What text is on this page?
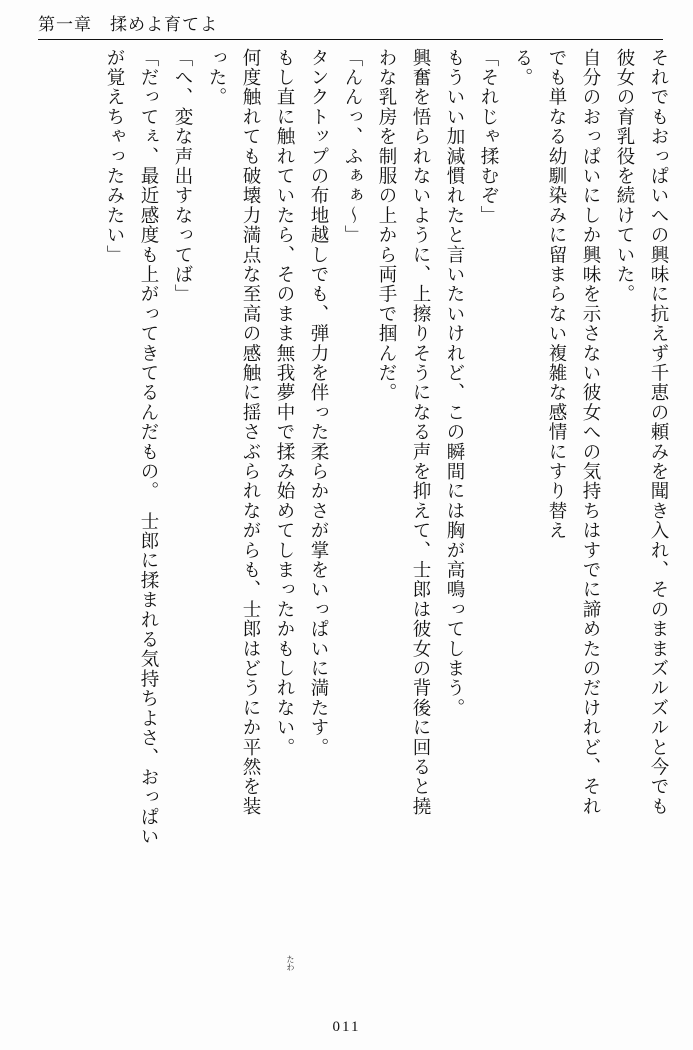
第一章　揉めよ育てよ
それでもおっぱいへの興味に抗えず千恵の頼みを聞き入れ、そのままズルズルと今でも
彼女の育乳役を続けていた。
自分のおっぱいにしか興味を示さない彼女への気持ちはすでに諦めたのだけれど、それ
でも単なる幼馴染みに留まらない複雑な感情にすり替え
る。
「それじゃ揉むぞ」
もういい加減慣れたと言いたいけれど、この瞬間には胸が高鳴ってしまう。
興奮を悟られないように、上擦りそうになる声を抑えて、士郎は彼女の背後に回ると撓
わな乳房を制服の上から両手で掴んだ。
「んんっ、ふぁぁ〜」
タンクトップの布地越しでも、弾力を伴った柔らかさが掌をいっぱいに満たす。
もし直に触れていたら、そのまま無我夢中で揉み始めてしまったかもしれない。
何度触れても破壊力満点な至高の感触に揺さぶられながらも、士郎はどうにか平然を装
った。
「へ、変な声出すなってば」
「だってぇ、最近感度も上がってきてるんだもの。　士郎に揉まれる気持ちよさ、おっぱい
が覚えちゃったみたい」
たわ
011
